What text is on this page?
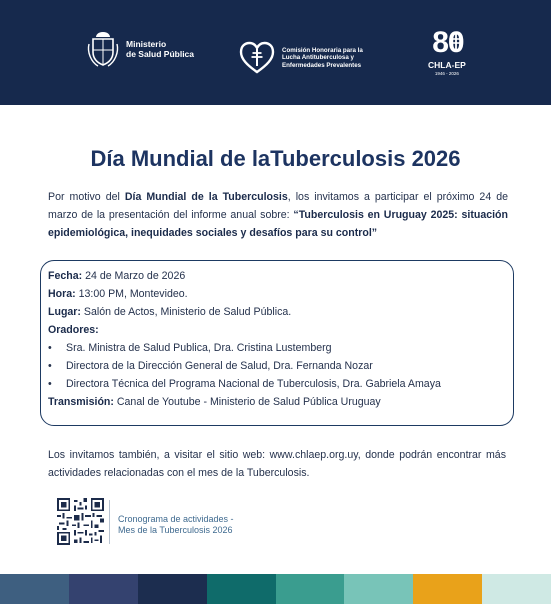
Ministerio
de Salud Pública	Comisión Honoraria para la
Lucha Antituberculosa y
Enfermedades Prevalentes
80
CHLA-EP
1946 - 2026
Día Mundial de laTuberculosis 2026

Por motivo del Día Mundial de la Tuberculosis, los invitamos a participar el próximo 24 de marzo de la presentación del informe anual sobre: “Tuberculosis en Uruguay 2025: situación epidemiológica, inequidades sociales y desafíos para su control”

Fecha: 24 de Marzo de 2026
Hora: 13:00 PM, Montevideo.
Lugar: Salón de Actos, Ministerio de Salud Pública.
Oradores:
•	Sra. Ministra de Salud Publica, Dra. Cristina Lustemberg
•	Directora de la Dirección General de Salud, Dra. Fernanda Nozar
•	Directora Técnica del Programa Nacional de Tuberculosis, Dra. Gabriela Amaya
Transmisión: Canal de Youtube - Ministerio de Salud Pública Uruguay

Los invitamos también, a visitar el sitio web: www.chlaep.org.uy, donde podrán encontrar más actividades relacionadas con el mes de la Tuberculosis.

Cronograma de actividades -
Mes de la Tuberculosis 2026
